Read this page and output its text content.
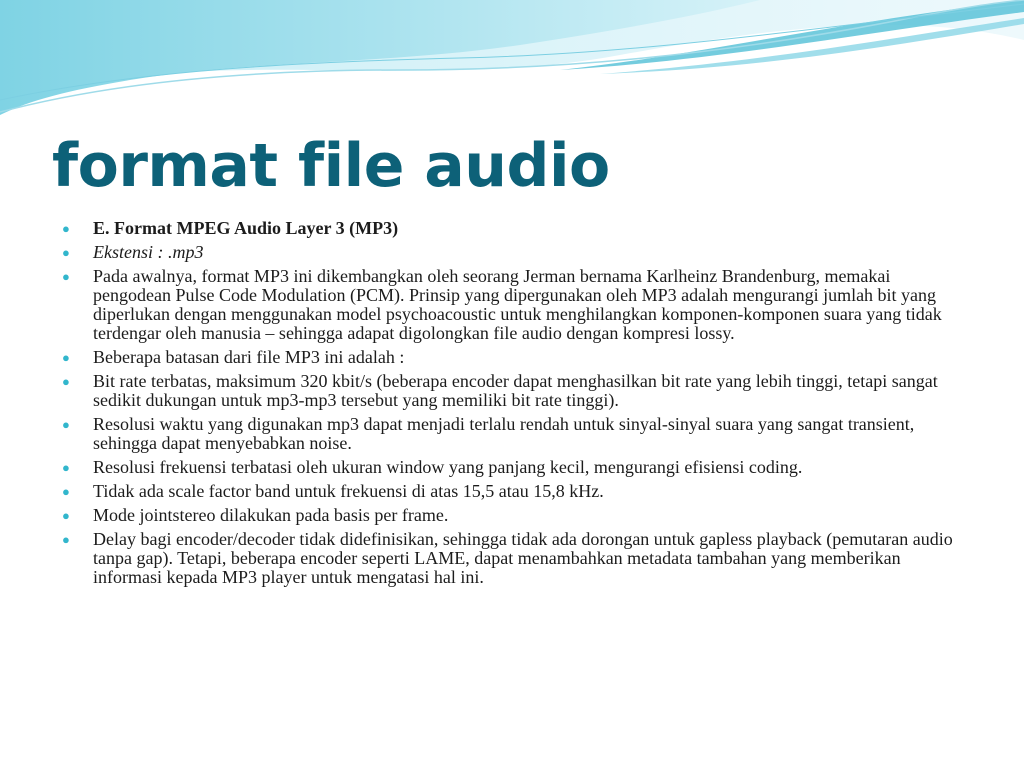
format file audio
● E. Format MPEG Audio Layer 3 (MP3)
● Ekstensi : .mp3
● Pada awalnya, format MP3 ini dikembangkan oleh seorang Jerman bernama Karlheinz Brandenburg, memakai pengodean Pulse Code Modulation (PCM). Prinsip yang dipergunakan oleh MP3 adalah mengurangi jumlah bit yang diperlukan dengan menggunakan model psychoacoustic untuk menghilangkan komponen-komponen suara yang tidak terdengar oleh manusia – sehingga adapat digolongkan file audio dengan kompresi lossy.
● Beberapa batasan dari file MP3 ini adalah :
● Bit rate terbatas, maksimum 320 kbit/s (beberapa encoder dapat menghasilkan bit rate yang lebih tinggi, tetapi sangat sedikit dukungan untuk mp3-mp3 tersebut yang memiliki bit rate tinggi).
● Resolusi waktu yang digunakan mp3 dapat menjadi terlalu rendah untuk sinyal-sinyal suara yang sangat transient, sehingga dapat menyebabkan noise.
● Resolusi frekuensi terbatasi oleh ukuran window yang panjang kecil, mengurangi efisiensi coding.
● Tidak ada scale factor band untuk frekuensi di atas 15,5 atau 15,8 kHz.
● Mode jointstereo dilakukan pada basis per frame.
● Delay bagi encoder/decoder tidak didefinisikan, sehingga tidak ada dorongan untuk gapless playback (pemutaran audio tanpa gap). Tetapi, beberapa encoder seperti LAME, dapat menambahkan metadata tambahan yang memberikan informasi kepada MP3 player untuk mengatasi hal ini.
